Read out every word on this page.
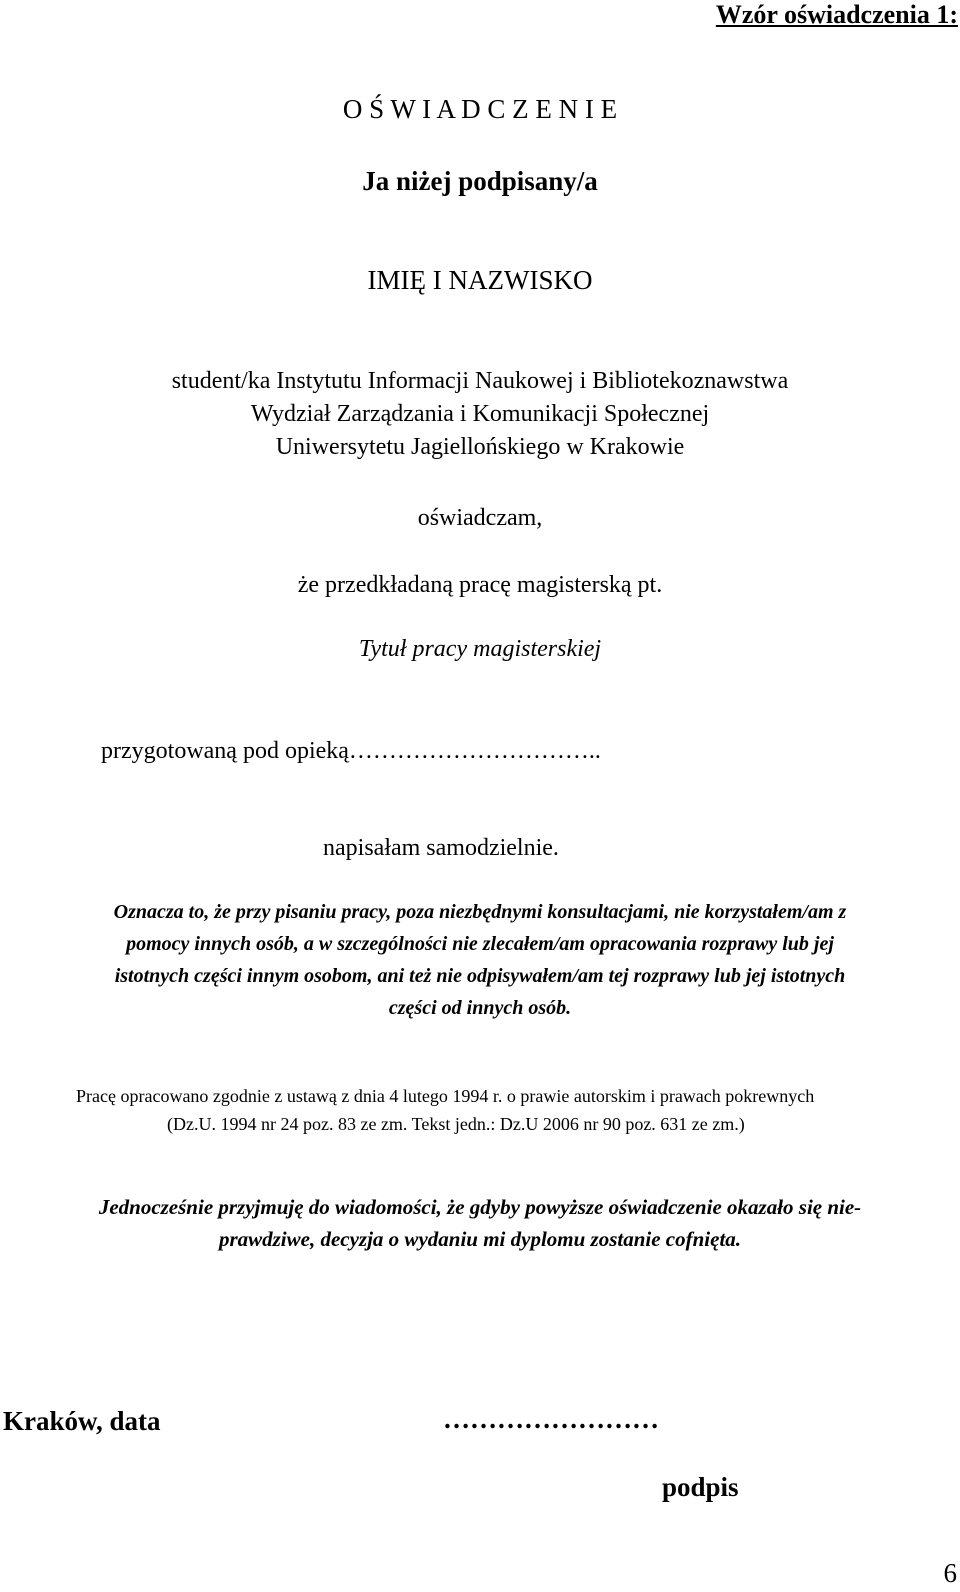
Wzór oświadczenia 1:
O Ś W I A D C Z E N I E
Ja niżej podpisany/a
IMIĘ I NAZWISKO
student/ka Instytutu Informacji Naukowej i Bibliotekoznawstwa
Wydział Zarządzania i Komunikacji Społecznej
Uniwersytetu Jagiellońskiego w Krakowie
oświadczam,
że przedkładaną pracę magisterską pt.
Tytuł pracy magisterskiej
przygotowaną pod opieką…………………………..
napisałam samodzielnie.
Oznacza to, że przy pisaniu pracy, poza niezbędnymi konsultacjami, nie korzystałem/am z
pomocy innych osób, a w szczególności nie zlecałem/am opracowania rozprawy lub jej
istotnych części innym osobom, ani też nie odpisywałem/am tej rozprawy lub jej istotnych
części od innych osób.
Pracę opracowano zgodnie z ustawą z dnia 4 lutego 1994 r. o prawie autorskim i prawach pokrewnych
(Dz.U. 1994 nr 24 poz. 83 ze zm. Tekst jedn.: Dz.U 2006 nr 90 poz. 631 ze zm.)
Jednocześnie przyjmuję do wiadomości, że gdyby powyższe oświadczenie okazało się nie-
prawdziwe, decyzja o wydaniu mi dyplomu zostanie cofnięta.
Kraków, data	……………………
podpis
6
